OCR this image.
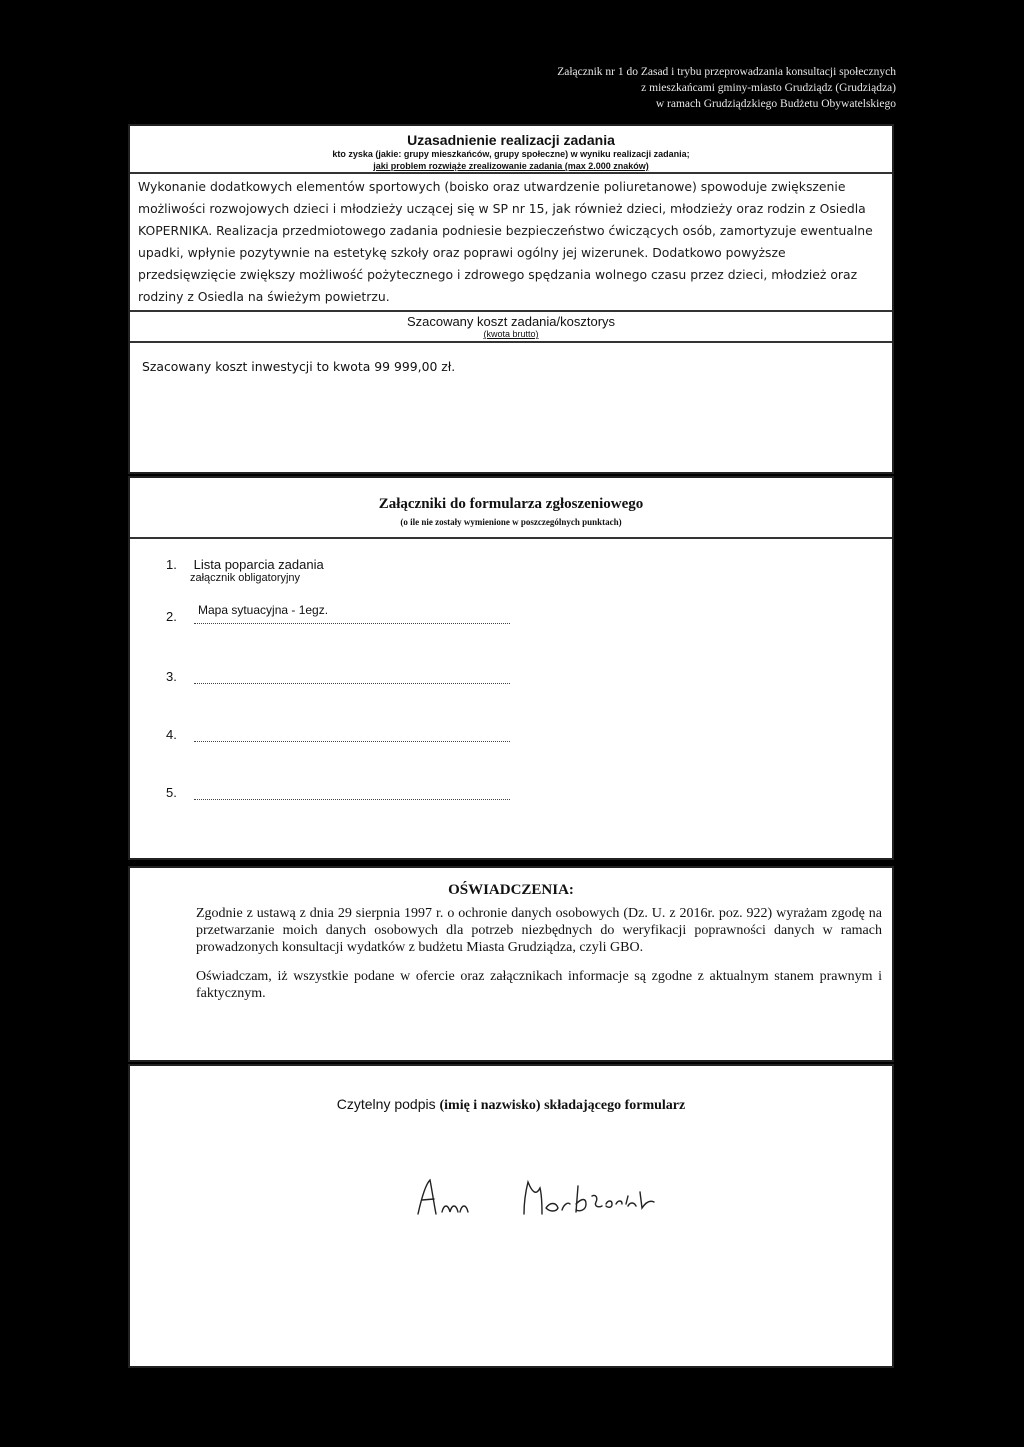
Załącznik nr 1 do Zasad i trybu przeprowadzania konsultacji społecznych
z mieszkańcami gminy-miasto Grudziądz (Grudziądza)
w ramach Grudziądzkiego Budżetu Obywatelskiego
Uzasadnienie realizacji zadania
kto zyska (jakie: grupy mieszkańców, grupy społeczne) w wyniku realizacji zadania;
jaki problem rozwiąże zrealizowanie zadania (max 2.000 znaków)
Wykonanie dodatkowych elementów sportowych (boisko oraz utwardzenie poliuretanowe) spowoduje zwiększenie możliwości rozwojowych dzieci i młodzieży uczącej się w SP nr 15, jak również dzieci, młodzieży oraz rodzin z Osiedla KOPERNIKA. Realizacja przedmiotowego zadania podniesie bezpieczeństwo ćwiczących osób, zamortyzuje ewentualne upadki, wpłynie pozytywnie na estetykę szkoły oraz poprawi ogólny jej wizerunek. Dodatkowo powyższe przedsięwzięcie zwiększy możliwość pożytecznego i zdrowego spędzania wolnego czasu przez dzieci, młodzież oraz rodziny z Osiedla na świeżym powietrzu.
Szacowany koszt zadania/kosztorys
(kwota brutto)
Szacowany koszt inwestycji to kwota 99 999,00 zł.
Załączniki do formularza zgłoszeniowego
(o ile nie zostały wymienione w poszczególnych punktach)
1. Lista poparcia zadania
załącznik obligatoryjny
2. Mapa sytuacyjna - 1egz.
3.
4.
5.
OŚWIADCZENIA:

Zgodnie z ustawą z dnia 29 sierpnia 1997 r. o ochronie danych osobowych (Dz. U. z 2016r. poz. 922) wyrażam zgodę na przetwarzanie moich danych osobowych dla potrzeb niezbędnych do weryfikacji poprawności danych w ramach prowadzonych konsultacji wydatków z budżetu Miasta Grudziądza, czyli GBO.

Oświadczam, iż wszystkie podane w ofercie oraz załącznikach informacje są zgodne z aktualnym stanem prawnym i faktycznym.

Czytelny podpis (imię i nazwisko) składającego formularz
Ann Markiewicz
